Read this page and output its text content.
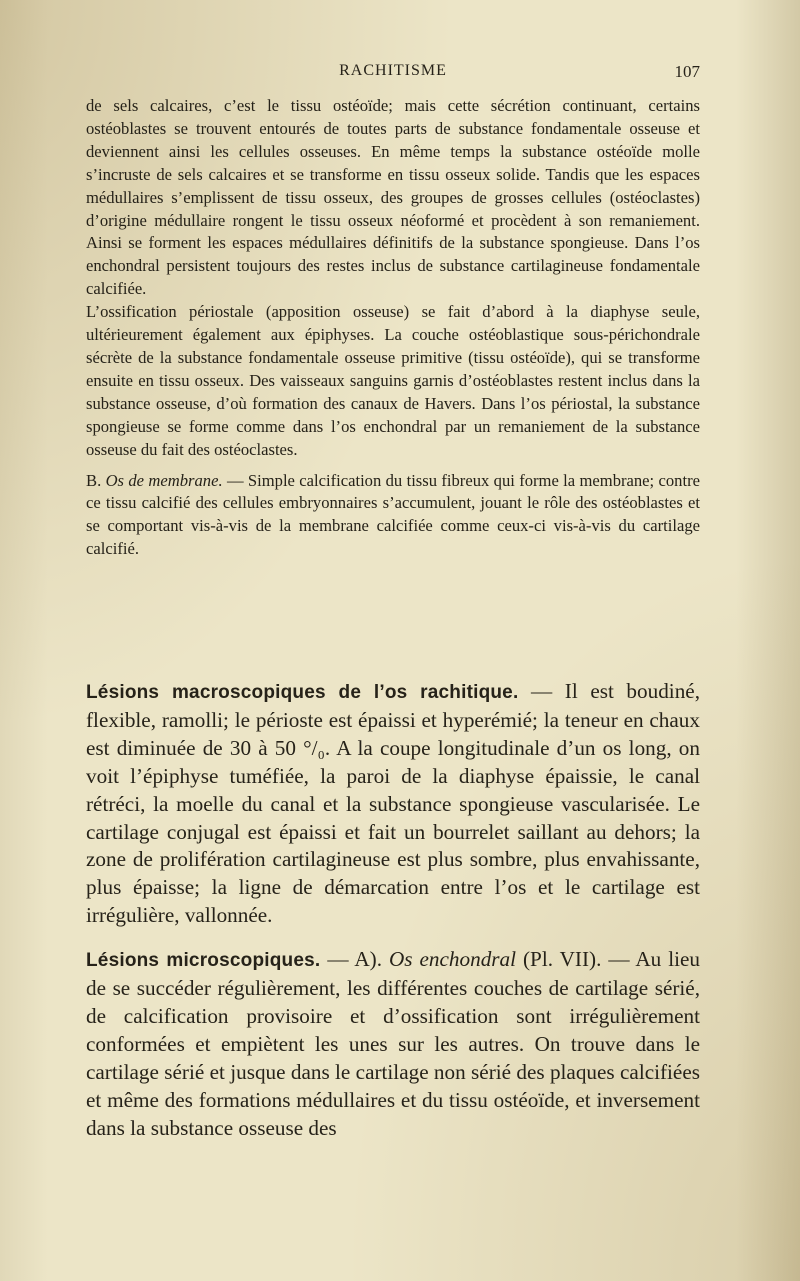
RACHITISME	107

de sels calcaires, c’est le tissu ostéoïde; mais cette sécrétion continuant, certains ostéoblastes se trouvent entourés de toutes parts de substance fondamentale osseuse et deviennent ainsi les cellules osseuses. En même temps la substance ostéoïde molle s’incruste de sels calcaires et se transforme en tissu osseux solide. Tandis que les espaces médullaires s’emplissent de tissu osseux, des groupes de grosses cellules (ostéoclastes) d’origine médullaire rongent le tissu osseux néoformé et procèdent à son remaniement. Ainsi se forment les espaces médullaires définitifs de la substance spongieuse. Dans l’os enchondral persistent toujours des restes inclus de substance cartilagineuse fondamentale calcifiée.

L’ossification périostale (apposition osseuse) se fait d’abord à la diaphyse seule, ultérieurement également aux épiphyses. La couche ostéoblastique sous-périchondrale sécrète de la substance fondamentale osseuse primitive (tissu ostéoïde), qui se transforme ensuite en tissu osseux. Des vaisseaux sanguins garnis d’ostéoblastes restent inclus dans la substance osseuse, d’où formation des canaux de Havers. Dans l’os périostal, la substance spongieuse se forme comme dans l’os enchondral par un remaniement de la substance osseuse du fait des ostéoclastes.

B. Os de membrane. — Simple calcification du tissu fibreux qui forme la membrane; contre ce tissu calcifié des cellules embryonnaires s’accumulent, jouant le rôle des ostéoblastes et se comportant vis-à-vis de la membrane calcifiée comme ceux-ci vis-à-vis du cartilage calcifié.

Lésions macroscopiques de l’os rachitique. — Il est boudiné, flexible, ramolli; le périoste est épaissi et hyperémié; la teneur en chaux est diminuée de 30 à 50 °/₀. A la coupe longitudinale d’un os long, on voit l’épiphyse tuméfiée, la paroi de la diaphyse épaissie, le canal rétréci, la moelle du canal et la substance spongieuse vascularisée. Le cartilage conjugal est épaissi et fait un bourrelet saillant au dehors; la zone de prolifération cartilagineuse est plus sombre, plus envahissante, plus épaisse; la ligne de démarcation entre l’os et le cartilage est irrégulière, vallonnée.

Lésions microscopiques. — A). Os enchondral (Pl. VII). — Au lieu de se succéder régulièrement, les différentes couches de cartilage sérié, de calcification provisoire et d’ossification sont irrégulièrement conformées et empiètent les unes sur les autres. On trouve dans le cartilage sérié et jusque dans le cartilage non sérié des plaques calcifiées et même des formations médullaires et du tissu ostéoïde, et inversement dans la substance osseuse des
